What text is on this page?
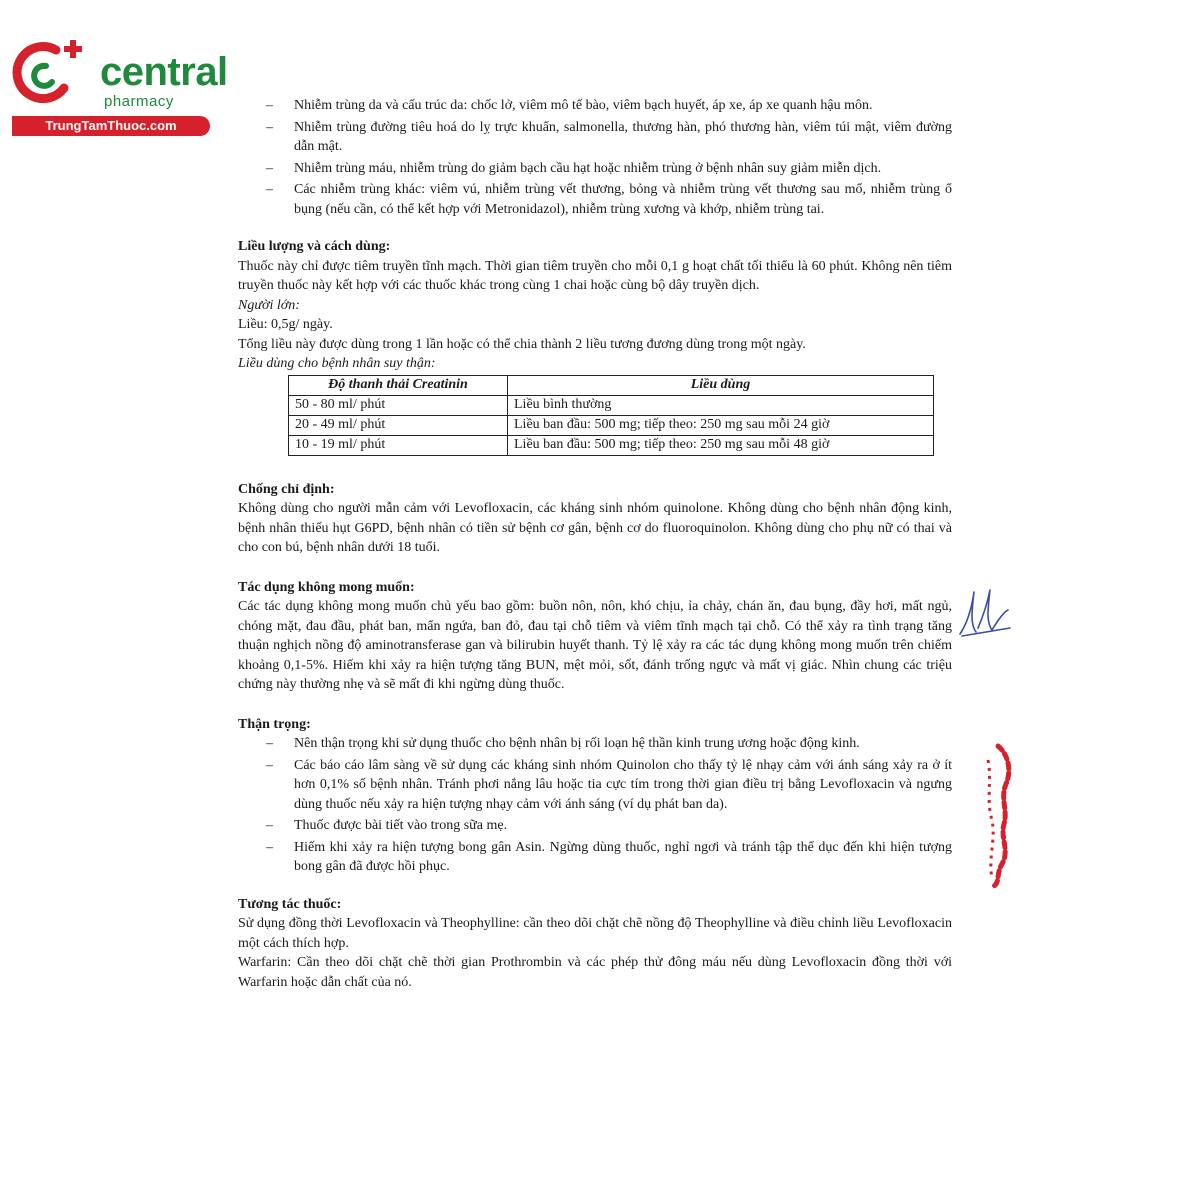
central
pharmacy
TrungTamThuoc.com
– Nhiễm trùng da và cấu trúc da: chốc lở, viêm mô tế bào, viêm bạch huyết, áp xe, áp xe quanh hậu môn.
– Nhiễm trùng đường tiêu hoá do lỵ trực khuẩn, salmonella, thương hàn, phó thương hàn, viêm túi mật, viêm đường dẫn mật.
– Nhiễm trùng máu, nhiễm trùng do giảm bạch cầu hạt hoặc nhiễm trùng ở bệnh nhân suy giảm miễn dịch.
– Các nhiễm trùng khác: viêm vú, nhiễm trùng vết thương, bỏng và nhiễm trùng vết thương sau mổ, nhiễm trùng ổ bụng (nếu cần, có thể kết hợp với Metronidazol), nhiễm trùng xương và khớp, nhiễm trùng tai.

Liều lượng và cách dùng:

Thuốc này chỉ được tiêm truyền tĩnh mạch. Thời gian tiêm truyền cho mỗi 0,1 g hoạt chất tối thiểu là 60 phút. Không nên tiêm truyền thuốc này kết hợp với các thuốc khác trong cùng 1 chai hoặc cùng bộ dây truyền dịch.

Người lớn:

Liều: 0,5g/ ngày.

Tổng liều này được dùng trong 1 lần hoặc có thể chia thành 2 liều tương đương dùng trong một ngày.

Liều dùng cho bệnh nhân suy thận:

Độ thanh thải Creatinin	Liều dùng
50 - 80 ml/ phút	Liều bình thường
20 - 49 ml/ phút	Liều ban đầu: 500 mg; tiếp theo: 250 mg sau mỗi 24 giờ
10 - 19 ml/ phút	Liều ban đầu: 500 mg; tiếp theo: 250 mg sau mỗi 48 giờ

Chống chỉ định:

Không dùng cho người mẫn cảm với Levofloxacin, các kháng sinh nhóm quinolone. Không dùng cho bệnh nhân động kinh, bệnh nhân thiếu hụt G6PD, bệnh nhân có tiền sử bệnh cơ gân, bệnh cơ do fluoroquinolon. Không dùng cho phụ nữ có thai và cho con bú, bệnh nhân dưới 18 tuổi.

Tác dụng không mong muốn:

Các tác dụng không mong muốn chủ yếu bao gồm: buồn nôn, nôn, khó chịu, ỉa chảy, chán ăn, đau bụng, đầy hơi, mất ngủ, chóng mặt, đau đầu, phát ban, mẩn ngứa, ban đỏ, đau tại chỗ tiêm và viêm tĩnh mạch tại chỗ. Có thể xảy ra tình trạng tăng thuận nghịch nồng độ aminotransferase gan và bilirubin huyết thanh. Tỷ lệ xảy ra các tác dụng không mong muốn trên chiếm khoảng 0,1-5%. Hiếm khi xảy ra hiện tượng tăng BUN, mệt mỏi, sốt, đánh trống ngực và mất vị giác. Nhìn chung các triệu chứng này thường nhẹ và sẽ mất đi khi ngừng dùng thuốc.

Thận trọng:

– Nên thận trọng khi sử dụng thuốc cho bệnh nhân bị rối loạn hệ thần kinh trung ương hoặc động kinh.
– Các báo cáo lâm sàng về sử dụng các kháng sinh nhóm Quinolon cho thấy tỷ lệ nhạy cảm với ánh sáng xảy ra ở ít hơn 0,1% số bệnh nhân. Tránh phơi nắng lâu hoặc tia cực tím trong thời gian điều trị bằng Levofloxacin và ngưng dùng thuốc nếu xảy ra hiện tượng nhạy cảm với ánh sáng (ví dụ phát ban da).
– Thuốc được bài tiết vào trong sữa mẹ.
– Hiếm khi xảy ra hiện tượng bong gân Asin. Ngừng dùng thuốc, nghỉ ngơi và tránh tập thể dục đến khi hiện tượng bong gân đã được hồi phục.

Tương tác thuốc:

Sử dụng đồng thời Levofloxacin và Theophylline: cần theo dõi chặt chẽ nồng độ Theophylline và điều chỉnh liều Levofloxacin một cách thích hợp.

Warfarin: Cần theo dõi chặt chẽ thời gian Prothrombin và các phép thử đông máu nếu dùng Levofloxacin đồng thời với Warfarin hoặc dẫn chất của nó.
